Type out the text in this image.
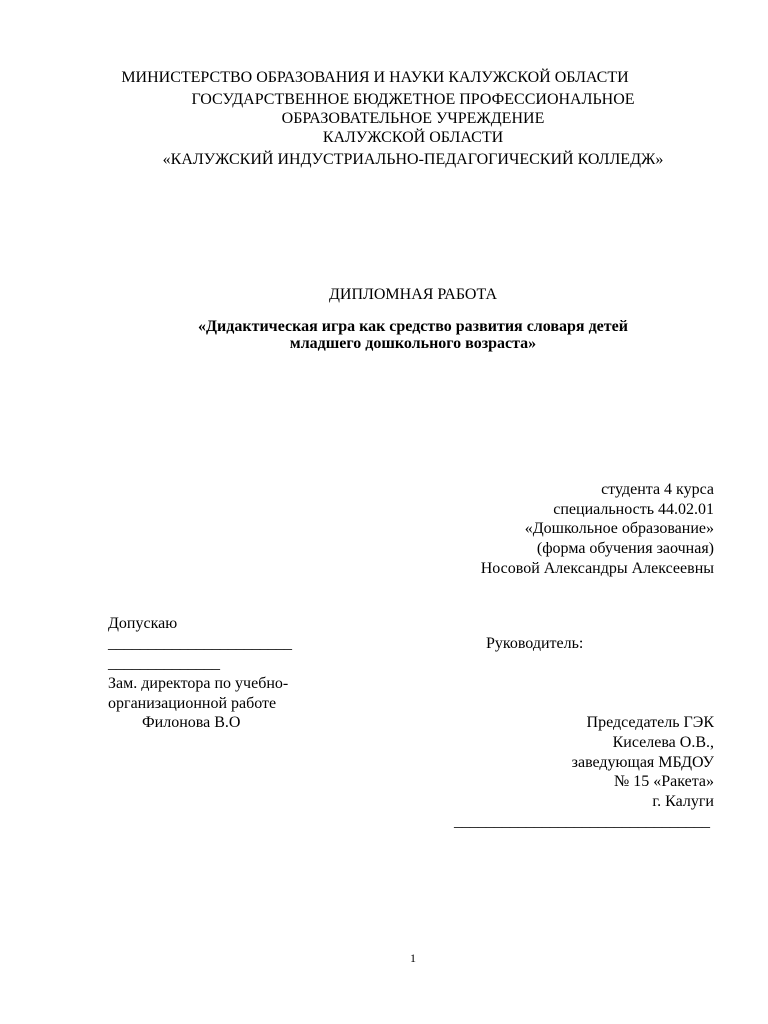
МИНИСТЕРСТВО ОБРАЗОВАНИЯ И НАУКИ КАЛУЖСКОЙ ОБЛАСТИ
ГОСУДАРСТВЕННОЕ БЮДЖЕТНОЕ ПРОФЕССИОНАЛЬНОЕ
ОБРАЗОВАТЕЛЬНОЕ УЧРЕЖДЕНИЕ
КАЛУЖСКОЙ ОБЛАСТИ
«КАЛУЖСКИЙ ИНДУСТРИАЛЬНО-ПЕДАГОГИЧЕСКИЙ КОЛЛЕДЖ»
ДИПЛОМНАЯ РАБОТА
«Дидактическая игра как средство развития словаря детей
младшего дошкольного возраста»
студента 4 курса
специальность 44.02.01
«Дошкольное образование»
(форма обучения заочная)
Носовой Александры Алексеевны
Допускаю
_______________________
______________
Зам. директора по учебно-
организационной работе
Филонова В.О
Руководитель:
Председатель ГЭК
Киселева О.В.,
заведующая МБДОУ
№ 15 «Ракета»
г. Калуги
________________________________
1
